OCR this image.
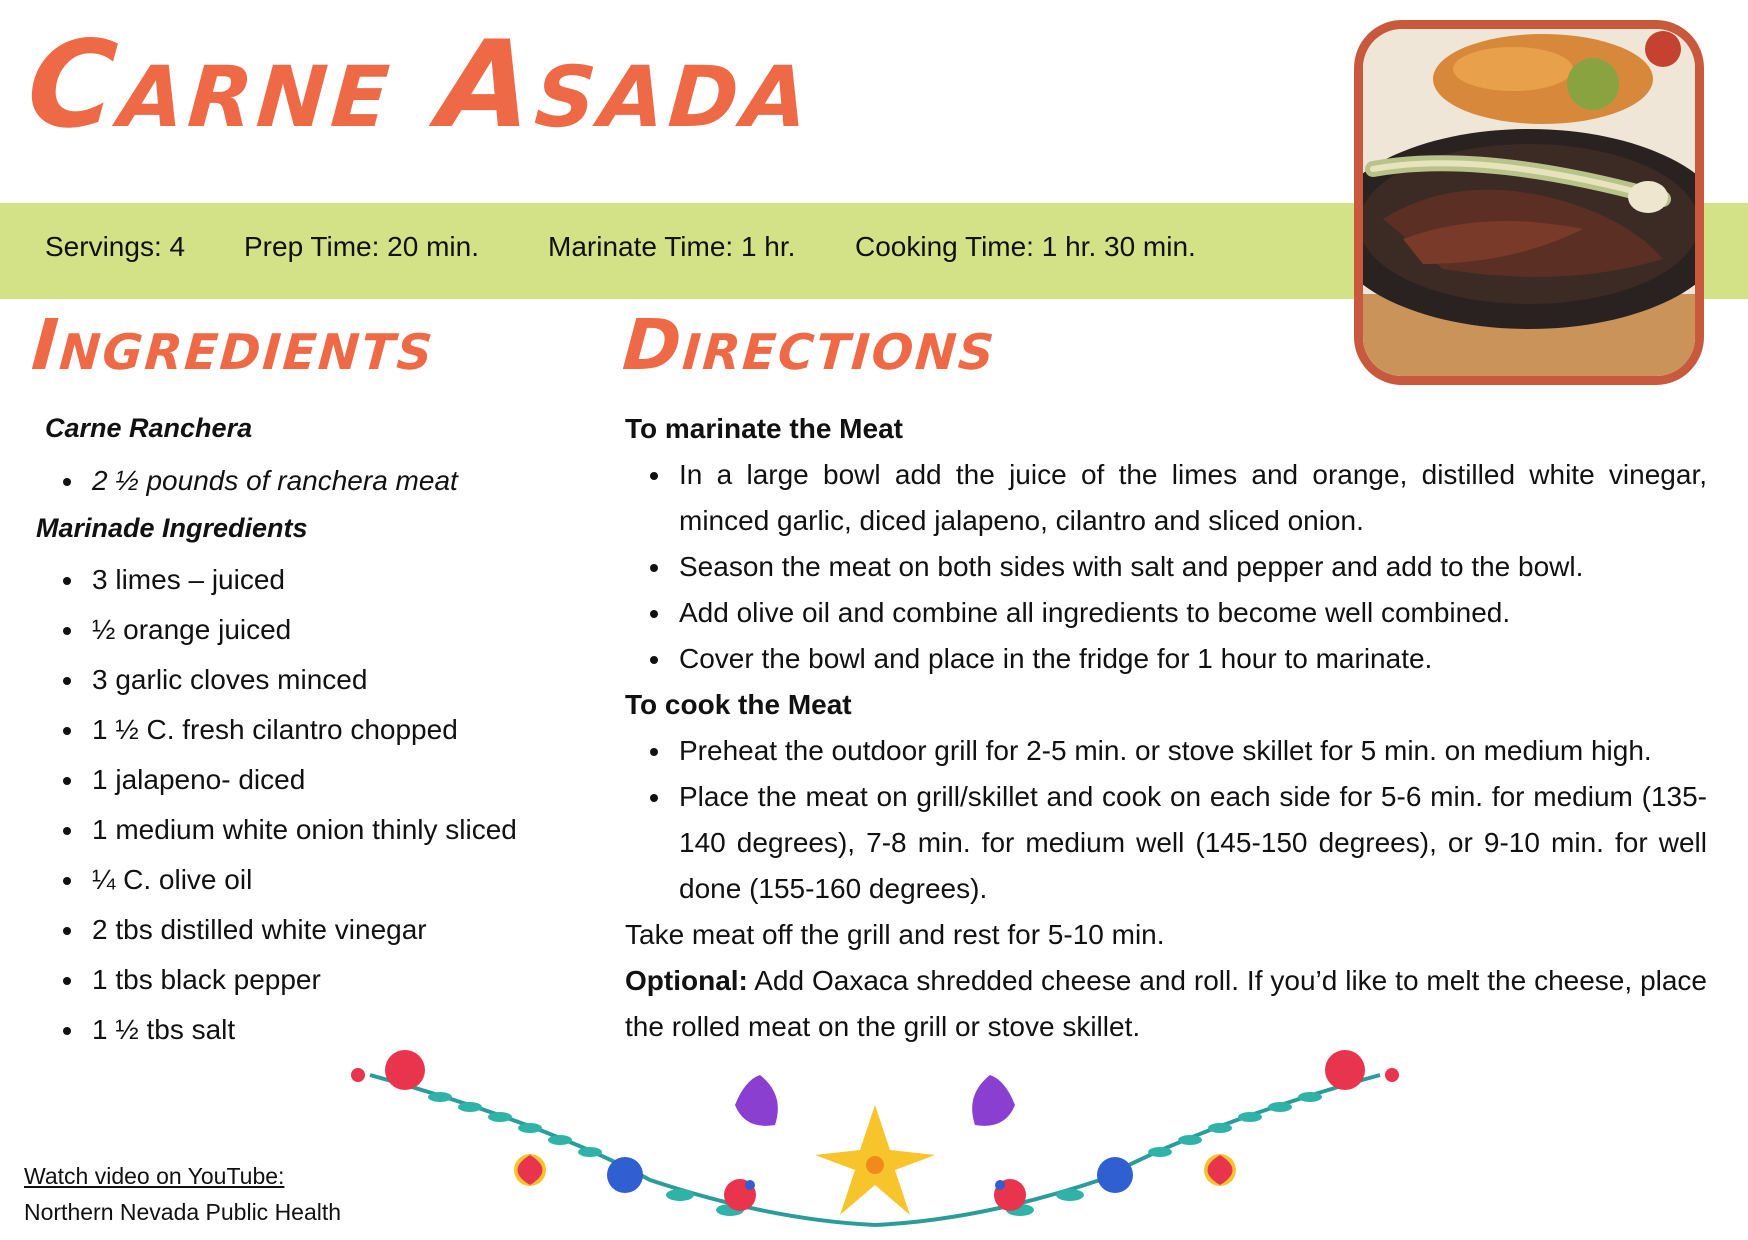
Carne Asada
Servings: 4 Prep Time: 20 min. Marinate Time: 1 hr. Cooking Time: 1 hr. 30 min.
Ingredients	Directions
Carne Ranchera
• 2 ½ pounds of ranchera meat
Marinade Ingredients
• 3 limes – juiced
• ½ orange juiced
• 3 garlic cloves minced
• 1 ½ C. fresh cilantro chopped
• 1 jalapeno- diced
• 1 medium white onion thinly sliced
• ¼ C. olive oil
• 2 tbs distilled white vinegar
• 1 tbs black pepper
• 1 ½ tbs salt
To marinate the Meat
• In a large bowl add the juice of the limes and orange, distilled white vinegar, minced garlic, diced jalapeno, cilantro and sliced onion.
• Season the meat on both sides with salt and pepper and add to the bowl.
• Add olive oil and combine all ingredients to become well combined.
• Cover the bowl and place in the fridge for 1 hour to marinate.
To cook the Meat
• Preheat the outdoor grill for 2-5 min. or stove skillet for 5 min. on medium high.
• Place the meat on grill/skillet and cook on each side for 5-6 min. for medium (135-140 degrees), 7-8 min. for medium well (145-150 degrees), or 9-10 min. for well done (155-160 degrees).

Take meat off the grill and rest for 5-10 min.

Optional: Add Oaxaca shredded cheese and roll. If you’d like to melt the cheese, place the rolled meat on the grill or stove skillet.

Watch video on YouTube:
Northern Nevada Public Health
